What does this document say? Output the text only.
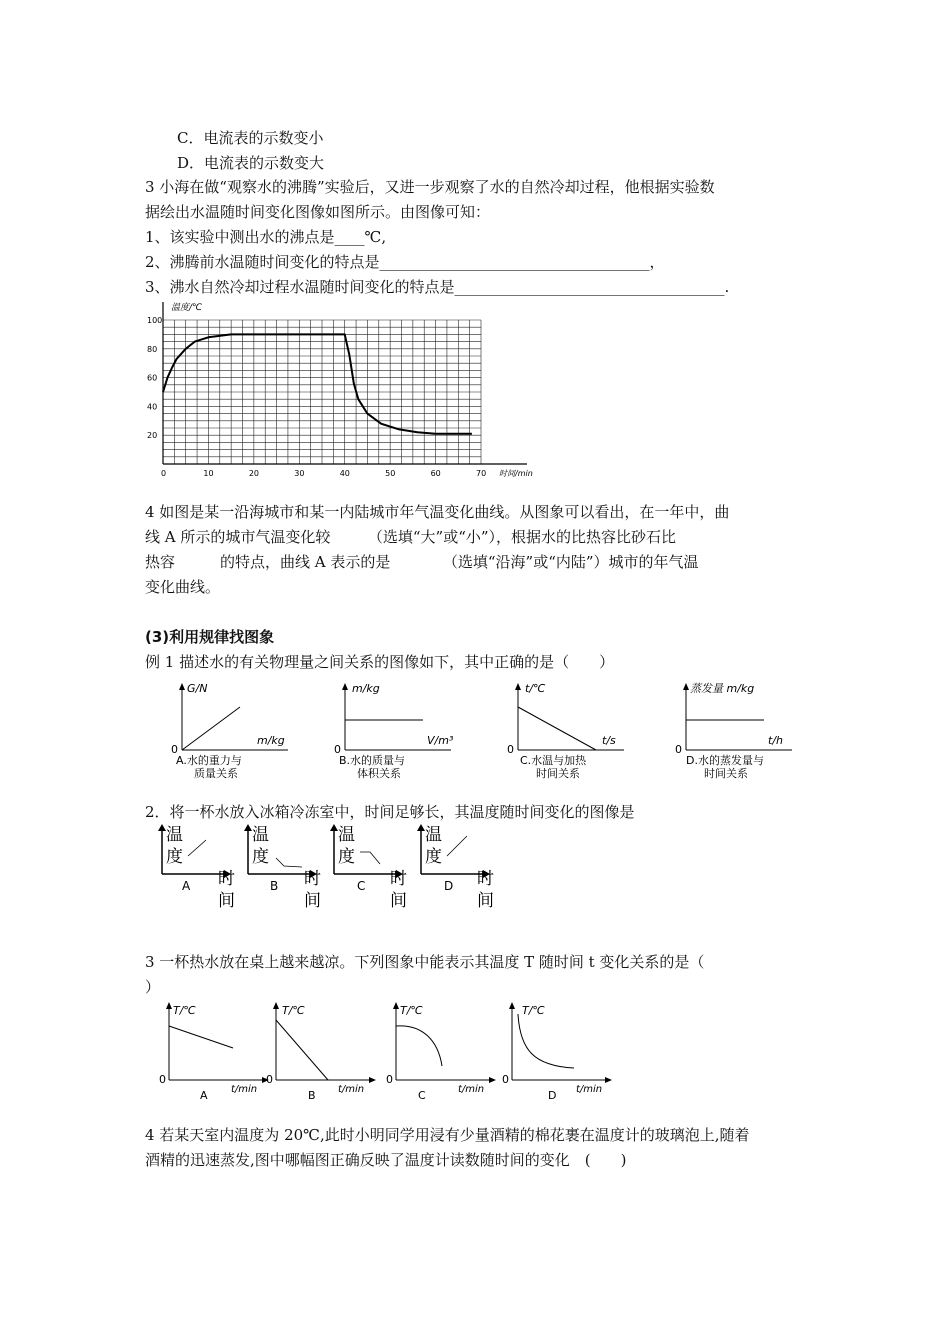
C．电流表的示数变小
D．电流表的示数变大
3 小海在做“观察水的沸腾”实验后，又进一步观察了水的自然冷却过程，他根据实验数
据绘出水温随时间变化图像如图所示。由图像可知：
1、该实验中测出水的沸点是____℃,
2、沸腾前水温随时间变化的特点是____________________________________，
3、沸水自然冷却过程水温随时间变化的特点是____________________________________.
20
40
60
80
100
0	10	20	30	40	50	60	70
温度/℃
时间/min
4 如图是某一沿海城市和某一内陆城市年气温变化曲线。从图象可以看出，在一年中，曲
线 A 所示的城市气温变化较　　　（选填“大”或“小”），根据水的比热容比砂石比
热容　　　的特点，曲线 A 表示的是　　　　（选填“沿海”或“内陆”）城市的年气温
变化曲线。
(3)利用规律找图象
例 1 描述水的有关物理量之间关系的图像如下，其中正确的是（　　）
G/N
m/kg
0
A.水的重力与
质量关系
m/kg
V/m³
0
B.水的质量与
体积关系
t/℃
t/s
0
C.水温与加热
时间关系
蒸发量 m/kg
t/h
0
D.水的蒸发量与
时间关系
2．将一杯水放入冰箱冷冻室中，时间足够长，其温度随时间变化的图像是
温
度
A 时
间
温
度
B 时
间
温
度
C 时
间
温
度
D 时
间
3 一杯热水放在桌上越来越凉。下列图象中能表示其温度 T 随时间 t 变化关系的是（
）
T/℃
t/min
0
A
T/℃
t/min
0
B
T/℃
t/min
0
C
T/℃
t/min
0
D
4 若某天室内温度为 20℃,此时小明同学用浸有少量酒精的棉花裹在温度计的玻璃泡上,随着
酒精的迅速蒸发,图中哪幅图正确反映了温度计读数随时间的变化　(　　)
